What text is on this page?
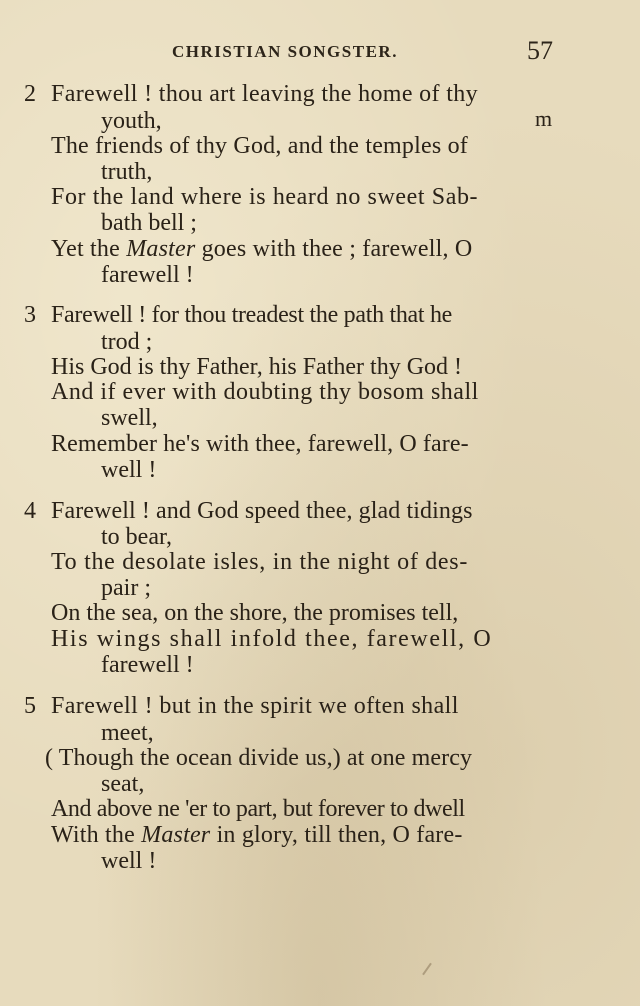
CHRISTIAN SONGSTER.	57
2 Farewell ! thou art leaving the home of thy
youth,
The friends of thy God, and the temples of
truth,
For the land where is heard no sweet Sab-
bath bell ;
Yet the Master goes with thee ; farewell, O
farewell !
m
3 Farewell ! for thou treadest the path that he
trod ;
His God is thy Father, his Father thy God !
And if ever with doubting thy bosom shall
swell,
Remember he's with thee, farewell, O fare-
well !
4 Farewell ! and God speed thee, glad tidings
to bear,
To the desolate isles, in the night of des-
pair ;
On the sea, on the shore, the promises tell,
His wings shall infold thee, farewell, O
farewell !
5 Farewell ! but in the spirit we often shall
meet,
( Though the ocean divide us,) at one mercy
seat,
And above ne 'er to part, but forever to dwell
With the Master in glory, till then, O fare-
well !
